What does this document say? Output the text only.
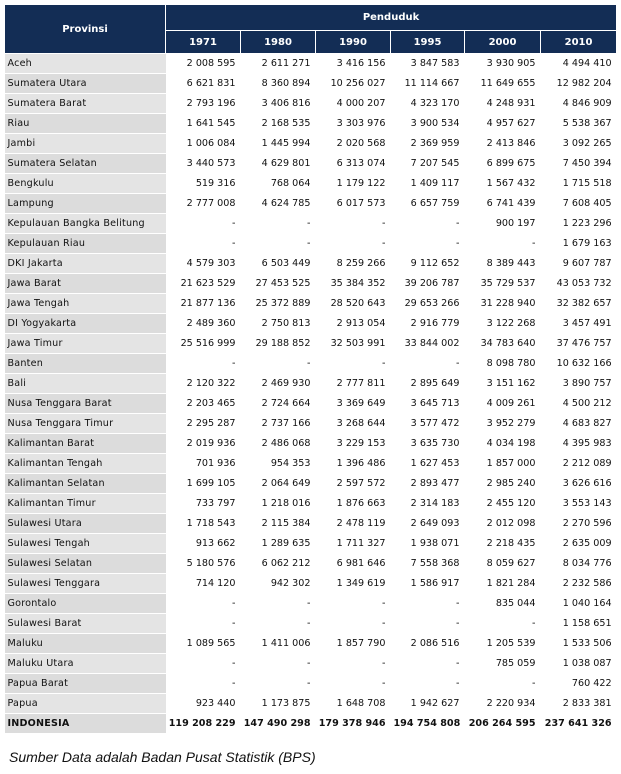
Provinsi	Penduduk					
	1971	1980	1990	1995	2000	2010
Aceh	2 008 595	2 611 271	3 416 156	3 847 583	3 930 905	4 494 410
Sumatera Utara	6 621 831	8 360 894	10 256 027	11 114 667	11 649 655	12 982 204
Sumatera Barat	2 793 196	3 406 816	4 000 207	4 323 170	4 248 931	4 846 909
Riau	1 641 545	2 168 535	3 303 976	3 900 534	4 957 627	5 538 367
Jambi	1 006 084	1 445 994	2 020 568	2 369 959	2 413 846	3 092 265
Sumatera Selatan	3 440 573	4 629 801	6 313 074	7 207 545	6 899 675	7 450 394
Bengkulu	519 316	768 064	1 179 122	1 409 117	1 567 432	1 715 518
Lampung	2 777 008	4 624 785	6 017 573	6 657 759	6 741 439	7 608 405
Kepulauan Bangka Belitung	-	-	-	-	900 197	1 223 296
Kepulauan Riau	-	-	-	-	-	1 679 163
DKI Jakarta	4 579 303	6 503 449	8 259 266	9 112 652	8 389 443	9 607 787
Jawa Barat	21 623 529	27 453 525	35 384 352	39 206 787	35 729 537	43 053 732
Jawa Tengah	21 877 136	25 372 889	28 520 643	29 653 266	31 228 940	32 382 657
DI Yogyakarta	2 489 360	2 750 813	2 913 054	2 916 779	3 122 268	3 457 491
Jawa Timur	25 516 999	29 188 852	32 503 991	33 844 002	34 783 640	37 476 757
Banten	-	-	-	-	8 098 780	10 632 166
Bali	2 120 322	2 469 930	2 777 811	2 895 649	3 151 162	3 890 757
Nusa Tenggara Barat	2 203 465	2 724 664	3 369 649	3 645 713	4 009 261	4 500 212
Nusa Tenggara Timur	2 295 287	2 737 166	3 268 644	3 577 472	3 952 279	4 683 827
Kalimantan Barat	2 019 936	2 486 068	3 229 153	3 635 730	4 034 198	4 395 983
Kalimantan Tengah	701 936	954 353	1 396 486	1 627 453	1 857 000	2 212 089
Kalimantan Selatan	1 699 105	2 064 649	2 597 572	2 893 477	2 985 240	3 626 616
Kalimantan Timur	733 797	1 218 016	1 876 663	2 314 183	2 455 120	3 553 143
Sulawesi Utara	1 718 543	2 115 384	2 478 119	2 649 093	2 012 098	2 270 596
Sulawesi Tengah	913 662	1 289 635	1 711 327	1 938 071	2 218 435	2 635 009
Sulawesi Selatan	5 180 576	6 062 212	6 981 646	7 558 368	8 059 627	8 034 776
Sulawesi Tenggara	714 120	942 302	1 349 619	1 586 917	1 821 284	2 232 586
Gorontalo	-	-	-	-	835 044	1 040 164
Sulawesi Barat	-	-	-	-	-	1 158 651
Maluku	1 089 565	1 411 006	1 857 790	2 086 516	1 205 539	1 533 506
Maluku Utara	-	-	-	-	785 059	1 038 087
Papua Barat	-	-	-	-	-	760 422
Papua	923 440	1 173 875	1 648 708	1 942 627	2 220 934	2 833 381
INDONESIA	119 208 229	147 490 298	179 378 946	194 754 808	206 264 595	237 641 326
Sumber Data adalah Badan Pusat Statistik (BPS)
